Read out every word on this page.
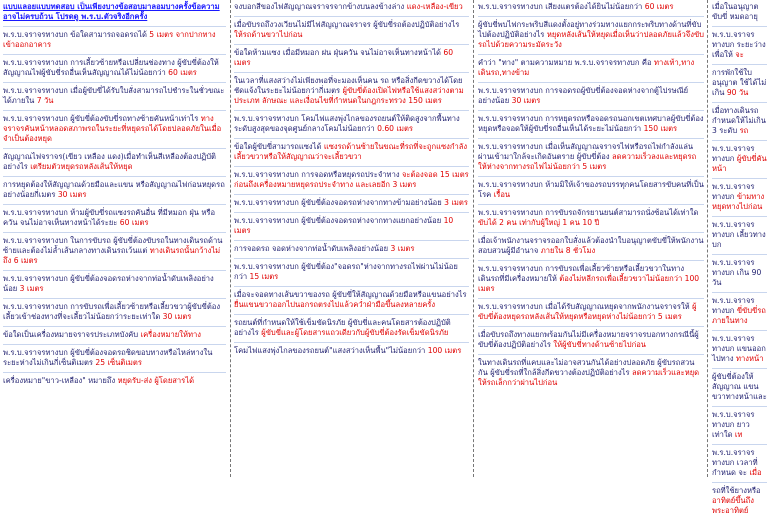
แบบแลอยแบบทดสอบ เป็นเพียงบางข้อสอบมาลอมบางครั้งข้อความอาจไม่ครบถ้วน โปรดดู พ.ร.บ.ตัวจริงอีกครั้ง

พ.ร.บ.จราจรทางบก ข้อใดสามารถจอดรถได้ 5 เมตร จากปากทางเข้าออกอาคาร

พ.ร.บ.จราจรทางบก การเลี้ยวซ้ายหรือเปลี่ยนช่องทาง ผู้ขับขี่ต้องให้สัญญาณไฟผู้ขับขี่รถอื่นเห็นสัญญาณได้ไม่น้อยกว่า 60 เมตร

พ.ร.บ.จราจรทางบก เมื่อผู้ขับขี่ได้รับใบสั่งสามารถไปชำระในชั่วขณะได้ภายใน 7 วัน

พ.ร.บ.จราจรทางบก ผู้ขับขี่ต้องขับขี่รถทางซ้ายคันหน้าเท่าไร ทางจราจรคันหน้าหลอดสภาพรถในระยะที่หยุดรถได้โดยปลอดภัยในเมื่อจำเป็นต้องหยุด

สัญญาณไฟจราจร(เขียว เหลือง แดง)เมื่อทำเห็นสีเหลืองต้องปฏิบัติอย่างไร เตรียมตัวหยุดรถหลังเส้นให้หยุด

การหยุดต้องให้สัญญาณด้วยมือและแขน หรือสัญญาณไฟก่อนหยุดรถอย่างน้อยกี่เมตร 30 เมตร

พ.ร.บ.จราจรทางบก ห้ามผู้ขับขี่รถแซงรถคันอื่น ที่มีหมอก ฝุ่น หรือควัน จนไม่อาจเห็นทางหน้าได้ระยะ 60 เมตร

พ.ร.บ.จราจรทางบก ในการขับรถ ผู้ขับขี่ต้องขับรถในทางเดินรถด้านซ้ายและต้องไม่ล้ำเส้นกลางทางเดินรถเว้นแต่ ทางเดินรถนั้นกว้างไม่ถึง 6 เมตร

พ.ร.บ.จราจรทางบก ผู้ขับขี่ต้องจอดรถห่างจากท่อน้ำดับเพลิงอย่างน้อย 3 เมตร

พ.ร.บ.จราจรทางบก การขับรถเพื่อเลี้ยวซ้ายหรือเลี้ยวขวาผู้ขับขี่ต้องเลี้ยวเข้าช่องทางที่จะเลี้ยวไม่น้อยกว่าระยะเท่าใด 30 เมตร

ข้อใดเป็นเครื่องหมายจราจรประเภทบังคับ เครื่องหมายให้ทาง

พ.ร.บ.จราจรทางบก ผู้ขับขี่ต้องจอดรถชิดขอบทางหรือไหล่ทางในระยะห่างไม่เกินกี่เซ็นติเมตร 25 เซ็นติเมตร

เครื่องหมาย"ขาว-เหลือง" หมายถึง หยุดรับ-ส่ง ผู้โดยสารได้

จงบอกสีของไฟสัญญาณจราจรจากข้างบนลงข้างล่าง แดง-เหลือง-เขียว

เมื่อขับรถถึงวงเวียนไม่มีไฟสัญญาณจราจร ผู้ขับขี่รถต้องปฏิบัติอย่างไร ให้รถด้านขวาไปก่อน

ข้อใดห้ามแซง เมื่อมีหมอก ฝน ฝุ่นควัน จนไม่อาจเห็นทางหน้าได้ 60 เมตร

ในเวลาที่แสงสว่างไม่เพียงพอที่จะมองเห็นคน รถ หรือสิ่งกีดขวางได้โดยชัดแจ้งในระยะไม่น้อยกว่ากี่เมตร ผู้ขับขี่ต้องเปิดไฟหรือใช้แสงสว่างตามประเภท ลักษณะ และเงื่อนไขที่กำหนดในกฎกระทรวง 150 เมตร

พ.ร.บ.จราจรทางบก โคมไฟแสงพุ่งไกลของรถยนต์ให้ติดสูงจากพื้นทางระดับสูงสุดของจุดศูนย์กลางโคมไม่น้อยกว่า 0.60 เมตร

ข้อใดผู้ขับขี่สามารถแซงได้ แซงรถด้านซ้ายในขณะที่รถที่จะถูกแซงกำลังเลี้ยวขวาหรือให้สัญญาณว่าจะเลี้ยวขวา

พ.ร.บ.จราจรทางบก การจอดหรือหยุดรถประจำทาง จะต้องจอด 15 เมตร ก่อนถึงเครื่องหมายหยุดรถประจำทาง และเลยอีก 3 เมตร

พ.ร.บ.จราจรทางบก ผู้ขับขี่ต้องจอดรถห่างจากทางข้ามอย่างน้อย 3 เมตร

พ.ร.บ.จราจรทางบก ผู้ขับขี่ต้องจอดรถห่างจากทางแยกอย่างน้อย 10 เมตร

การจอดรถ จอดห่างจากท่อน้ำดับเพลิงอย่างน้อย 3 เมตร

พ.ร.บ.จราจรทางบก ผู้ขับขี่ต้อง"จอดรถ"ห่างจากทางรถไฟผ่านไม่น้อยกว่า 15 เมตร

เมื่อจะจอดทางเส้นขวาของรถ ผู้ขับขี่ให้สัญญาณด้วยมือหรือแขนอย่างไร ยื่นแขนขวาออกไปนอกรถตรงไปแล้วคว่ำฝ่ามือขึ้นลงหลายครั้ง

รถยนต์ที่กำหนดให้ใช้เข็มขัดนิรภัย ผู้ขับขี่และคนโดยสารต้องปฏิบัติอย่างไร ผู้ขับขี่และผู้โดยสารแถวเดียวกับผู้ขับขี่ต้องรัดเข็มขัดนิรภัย

โคมไฟแสงพุ่งไกลของรถยนต์"แสงสว่างเห็นพื้น"ไม่น้อยกว่า 100 เมตร

พ.ร.บ.จราจรทางบก เสียงแตรต้องได้ยินไม่น้อยกว่า 60 เมตร

ผู้ขับขี่พบไฟกระพริบสีแดงตั้งอยู่ทางร่วมทางแยกกระพริบทางด้านที่ขับไปต้องปฏิบัติอย่างไร หยุดหลังเส้นให้หยุดเมื่อเห็นว่าปลอดภัยแล้วจึงขับรถไปด้วยความระมัดระวัง

คำว่า "ทาง" ตามความหมาย พ.ร.บ.จราจรทางบก คือ ทางเท้า,ทางเดินรถ,ทางข้าม

พ.ร.บ.จราจรทางบก การจอดรถผู้ขับขี่ต้องจอดห่างจากตู้ไปรษณีย์อย่างน้อย 30 เมตร

พ.ร.บ.จราจรทางบก การหยุดรถหรือจอดรถนอกเขตเทศบาลผู้ขับขี่ต้องหยุดหรือจอดให้ผู้ขับขี่รถอื่นเห็นได้ระยะไม่น้อยกว่า 150 เมตร

พ.ร.บ.จราจรทางบก เมื่อเห็นสัญญาณจราจรไฟหรือรถไฟกำลังแล่นผ่านเข้ามาใกล้จะเกิดอันตราย ผู้ขับขี่ต้อง ลดความเร็วลงและหยุดรถให้ห่างจากทางรถไฟไม่น้อยกว่า 5 เมตร

พ.ร.บ.จราจรทางบก ห้ามมิให้เจ้าของรถบรรทุกคนโดยสารขับคนที่เป็นโรค เรื้อน

พ.ร.บ.จราจรทางบก การขับรถจักรยานยนต์สามารถนั่งซ้อนได้เท่าใด ขับได้ 2 คน เท่ากับผู้ใหญ่ 1 คน 10 ปี

เมื่อเจ้าพนักงานจราจรออกใบสั่งแล้วต้องนำใบอนุญาตขับขี่ให้พนักงานสอบสวนผู้มีอำนาจ ภายใน 8 ชั่วโมง

พ.ร.บ.จราจรทางบก การขับรถเพื่อเลี้ยวซ้ายหรือเลี้ยวขวาในทางเดินรถที่มีเครื่องหมายให้ ต้องไม่หลีกรถเพื่อเลี้ยวขวาไม่น้อยกว่า 100 เมตร

พ.ร.บ.จราจรทางบก เมื่อได้รับสัญญาณหยุดจากพนักงานจราจรให้ ผู้ขับขี่ต้องหยุดรถหลังเส้นให้หยุดหรือหยุดห่างไม่น้อยกว่า 5 เมตร

เมื่อขับรถถึงทางแยกพร้อมกันไม่มีเครื่องหมายจราจรบอกทางกรณีนี้ผู้ขับขี่ต้องปฏิบัติอย่างไร ให้ผู้ขับขี่ทางด้านซ้ายไปก่อน

ในทางเดินรถที่แคบและไม่อาจสวนกันได้อย่างปลอดภัย ผู้ขับรถสวนกัน ผู้ขับขี่รถที่ใกล้สิ่งกีดขวางต้องปฏิบัติอย่างไร ลดความเร็วและหยุดให้รถเล็กกว่าผ่านไปก่อน

เมื่อในอนุญาตขับขี่ หมดอายุ

พ.ร.บ.จราจรทางบก ระยะว่างเพื่อให้ จะ

การพักใช้ใบอนุญาต ใช้ได้ไม่เกิน 90 วัน

เมื่อทางเดินรถกำหนดให้ไม่เกิน 3 ระดับ รถ

พ.ร.บ.จราจรทางบก ผู้ขับขี่คันหน้า

พ.ร.บ.จราจรทางบก ข้ามทางหยุดทางไปก่อน

พ.ร.บ.จราจรทางบก เลี้ยวทางบก

พ.ร.บ.จราจรทางบก เกิน 90 วัน

พ.ร.บ.จราจรทางบก ขี่ขับขี่รถภายในทาง

พ.ร.บ.จราจรทางบก แขนออกไปทาง ทางหน้า

ผู้ขับขี่ต้องให้สัญญาณ แขนขวาทางหน้าและ

พ.ร.บ.จราจรทางบก ยาวเท่าใด เท

พ.ร.บ.จราจรทางบก เวลาที่กำหนด จะ เมื่อ

รถที่ใช้ยางหรือ อาทิตย์ขึ้นถึงพระอาทิตย์
